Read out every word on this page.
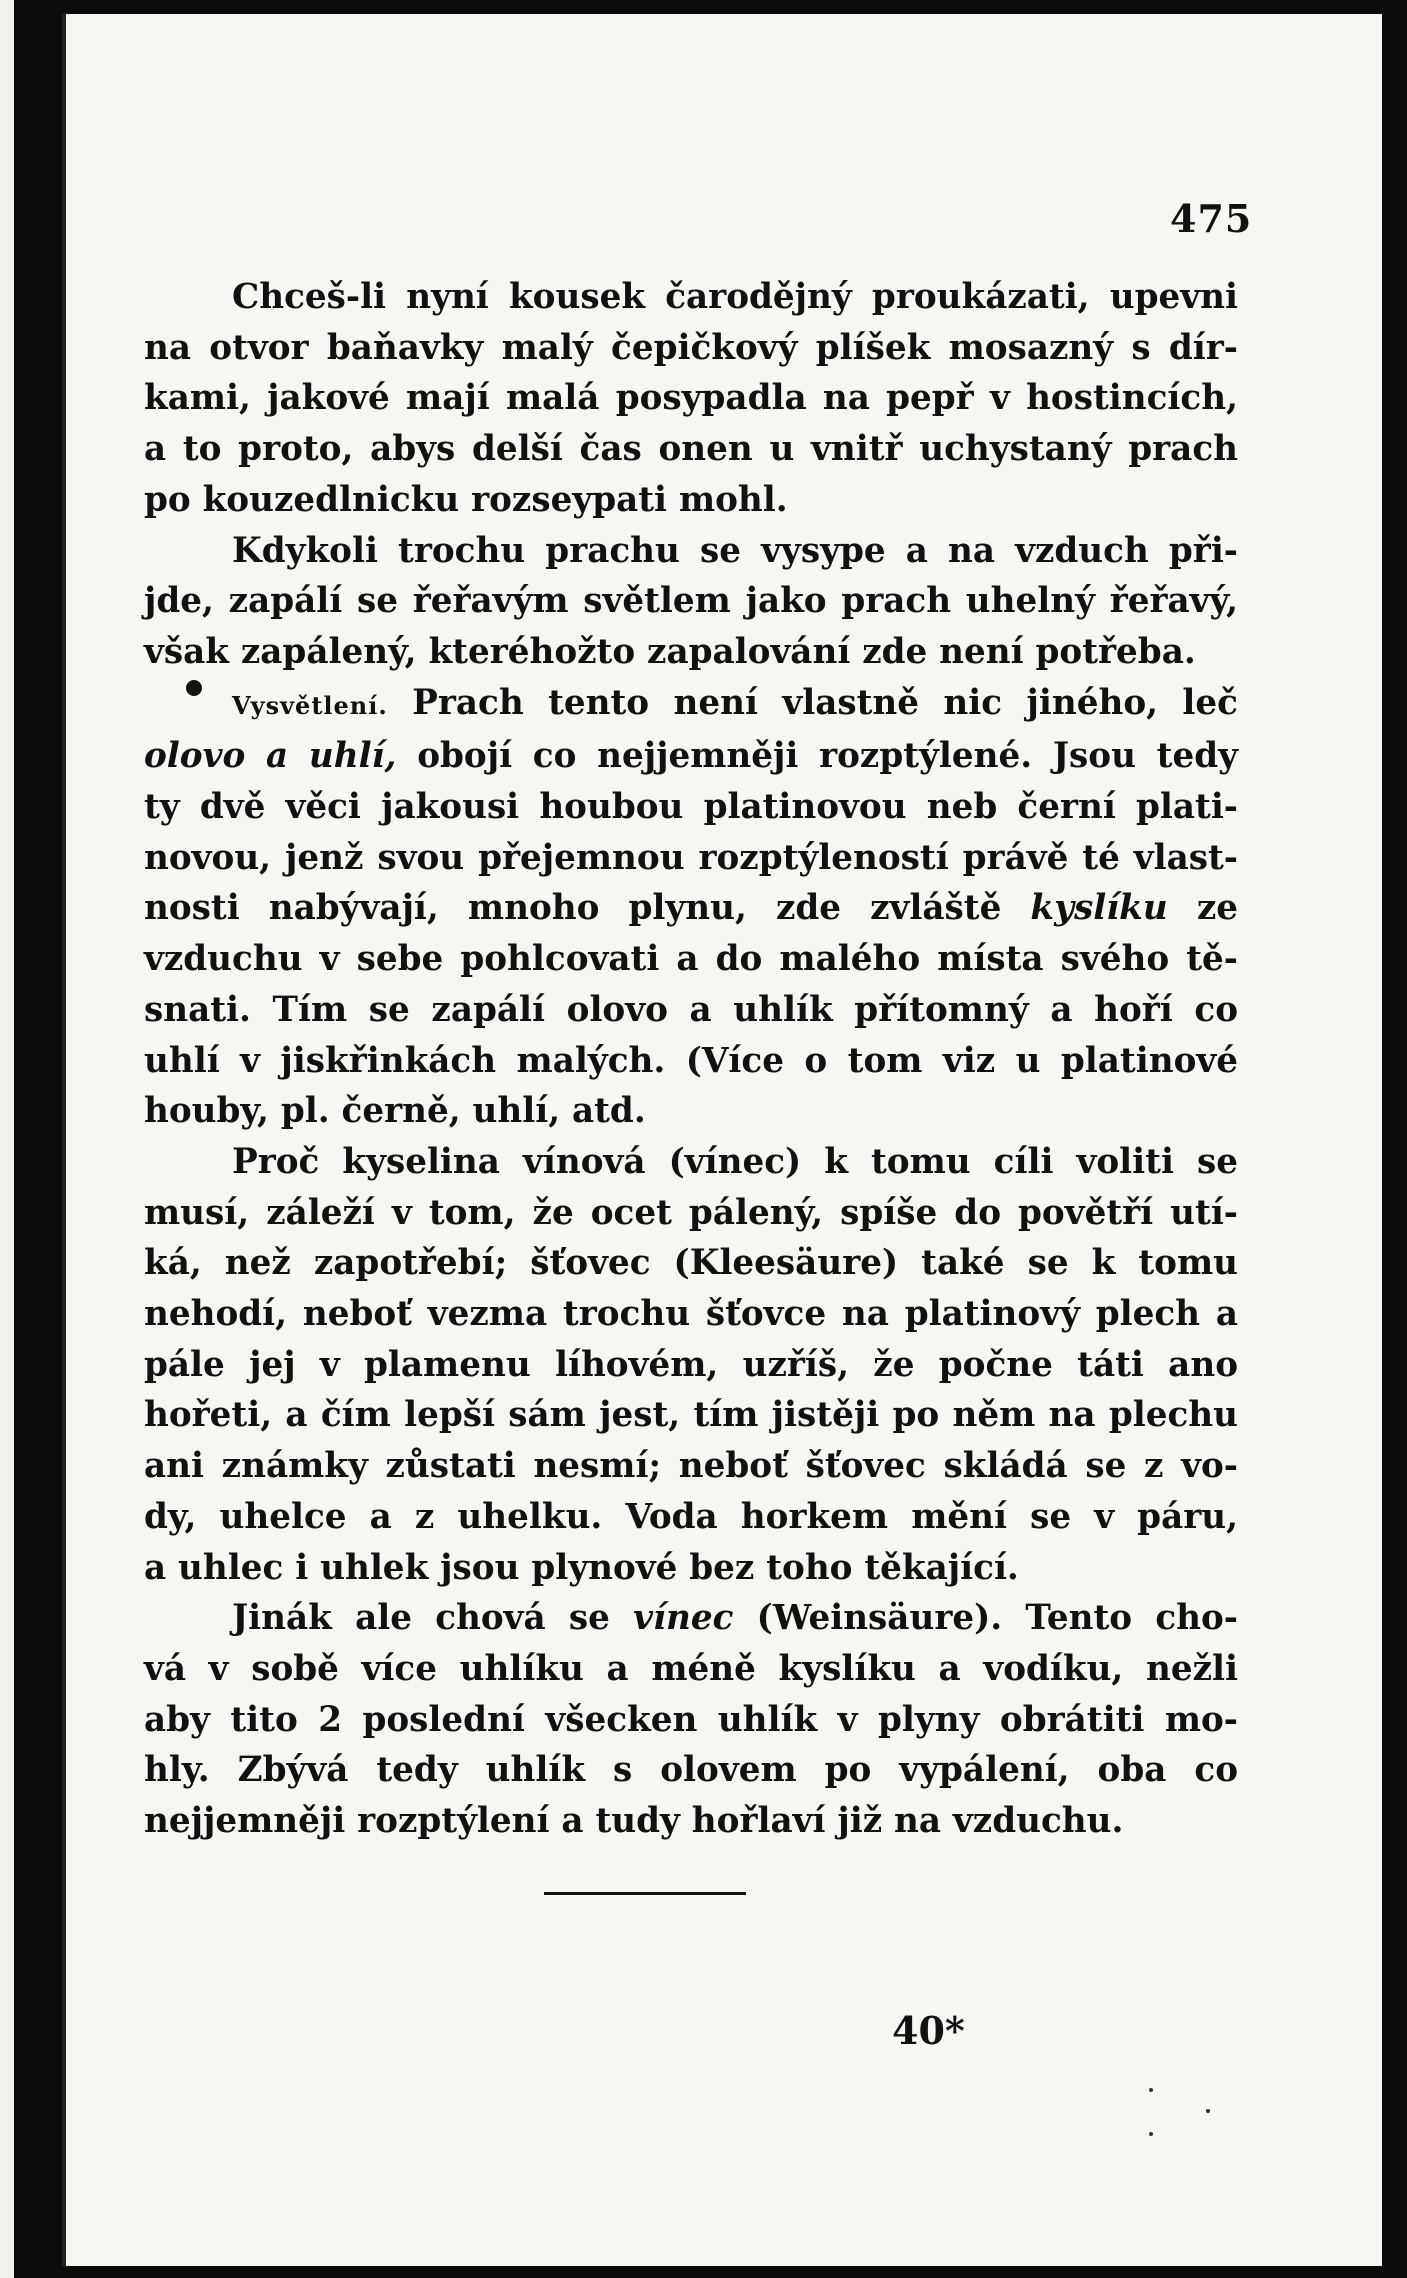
475
Chceš-li nyní kousek čarodějný proukázati, upevni
na otvor baňavky malý čepičkový plíšek mosazný s dír-
kami, jakové mají malá posypadla na pepř v hostincích,
a to proto, abys delší čas onen u vnitř uchystaný prach
po kouzedlnicku rozseypati mohl.
Kdykoli trochu prachu se vysype a na vzduch při-
jde, zapálí se řeřavým světlem jako prach uhelný řeřavý,
však zapálený, kteréhožto zapalování zde není potřeba.
Vysvětlení. Prach tento není vlastně nic jiného, leč
olovo a uhlí, obojí co nejjemněji rozptýlené. Jsou tedy
ty dvě věci jakousi houbou platinovou neb černí plati-
novou, jenž svou přejemnou rozptýleností právě té vlast-
nosti nabývají, mnoho plynu, zde zvláště kyslíku ze
vzduchu v sebe pohlcovati a do malého místa svého tě-
snati. Tím se zapálí olovo a uhlík přítomný a hoří co
uhlí v jiskřinkách malých. (Více o tom viz u platinové
houby, pl. černě, uhlí, atd.
Proč kyselina vínová (vínec) k tomu cíli voliti se
musí, záleží v tom, že ocet pálený, spíše do povětří utí-
ká, než zapotřebí; šťovec (Kleesäure) také se k tomu
nehodí, neboť vezma trochu šťovce na platinový plech a
pále jej v plamenu líhovém, uzříš, že počne táti ano
hořeti, a čím lepší sám jest, tím jistěji po něm na plechu
ani známky zůstati nesmí; neboť šťovec skládá se z vo-
dy, uhelce a z uhelku. Voda horkem mění se v páru,
a uhlec i uhlek jsou plynové bez toho těkající.
Jinák ale chová se vínec (Weinsäure). Tento cho-
vá v sobě více uhlíku a méně kyslíku a vodíku, nežli
aby tito 2 poslední všecken uhlík v plyny obrátiti mo-
hly. Zbývá tedy uhlík s olovem po vypálení, oba co
nejjemněji rozptýlení a tudy hořlaví již na vzduchu.
40*
